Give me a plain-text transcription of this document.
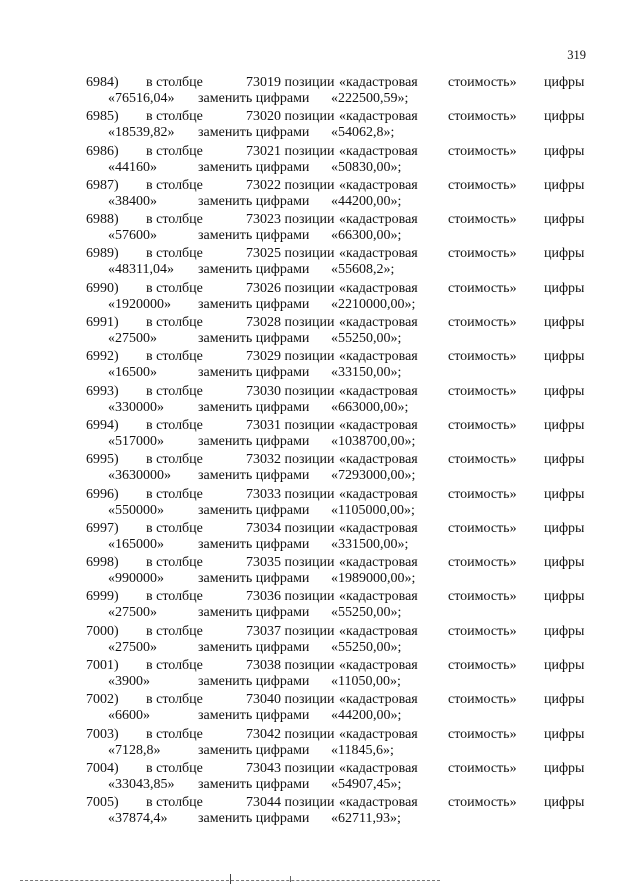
319
6984) в столбце	73019 позиции «кадастровая стоимость» цифры
«76516,04» заменить цифрами «222500,59»;
6985) в столбце	73020 позиции «кадастровая стоимость» цифры
«18539,82» заменить цифрами «54062,8»;
6986) в столбце	73021 позиции «кадастровая стоимость» цифры
«44160»	заменить цифрами «50830,00»;
6987) в столбце	73022 позиции «кадастровая стоимость» цифры
«38400»	заменить цифрами «44200,00»;
6988) в столбце	73023 позиции «кадастровая стоимость» цифры
«57600»	заменить цифрами «66300,00»;
6989) в столбце	73025 позиции «кадастровая стоимость» цифры
«48311,04» заменить цифрами «55608,2»;
6990) в столбце	73026 позиции «кадастровая стоимость» цифры
«1920000» заменить цифрами «2210000,00»;
6991) в столбце	73028 позиции «кадастровая стоимость» цифры
«27500»	заменить цифрами «55250,00»;
6992) в столбце	73029 позиции «кадастровая стоимость» цифры
«16500»	заменить цифрами «33150,00»;
6993) в столбце	73030 позиции «кадастровая стоимость» цифры
«330000» заменить цифрами «663000,00»;
6994) в столбце	73031 позиции «кадастровая стоимость» цифры
«517000» заменить цифрами «1038700,00»;
6995) в столбце	73032 позиции «кадастровая стоимость» цифры
«3630000» заменить цифрами «7293000,00»;
6996) в столбце	73033 позиции «кадастровая стоимость» цифры
«550000» заменить цифрами «1105000,00»;
6997) в столбце	73034 позиции «кадастровая стоимость» цифры
«165000» заменить цифрами «331500,00»;
6998) в столбце	73035 позиции «кадастровая стоимость» цифры
«990000» заменить цифрами «1989000,00»;
6999) в столбце	73036 позиции «кадастровая стоимость» цифры
«27500»	заменить цифрами «55250,00»;
7000) в столбце	73037 позиции «кадастровая стоимость» цифры
«27500»	заменить цифрами «55250,00»;
7001) в столбце	73038 позиции «кадастровая стоимость» цифры
«3900»	заменить цифрами «11050,00»;
7002) в столбце	73040 позиции «кадастровая стоимость» цифры
«6600»	заменить цифрами «44200,00»;
7003) в столбце	73042 позиции «кадастровая стоимость» цифры
«7128,8»	заменить цифрами «11845,6»;
7004) в столбце	73043 позиции «кадастровая стоимость» цифры
«33043,85» заменить цифрами «54907,45»;
7005) в столбце	73044 позиции «кадастровая стоимость» цифры
«37874,4» заменить цифрами «62711,93»;
